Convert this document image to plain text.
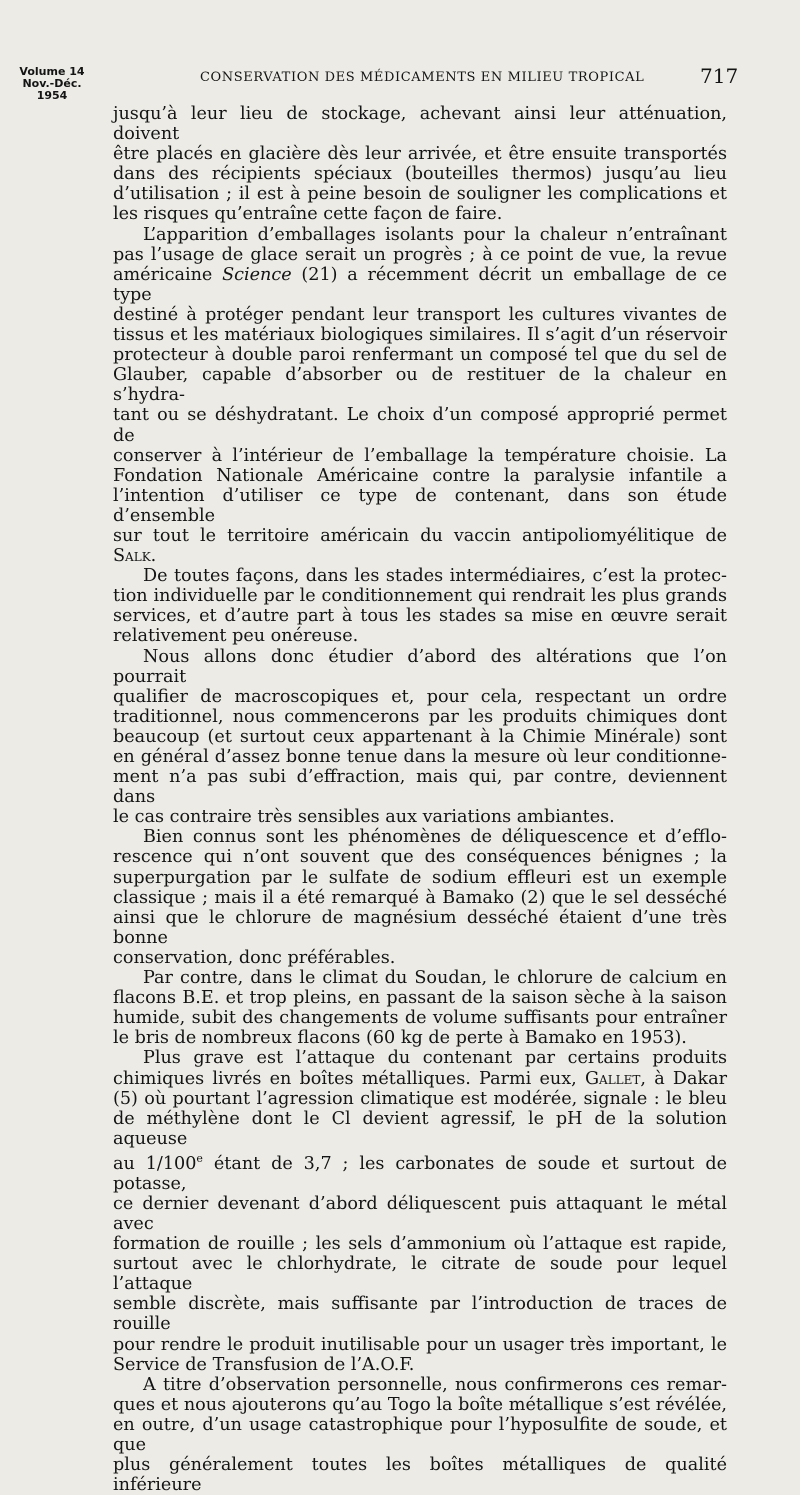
Volume 14
Nov.-Déc. 1954
CONSERVATION DES MÉDICAMENTS EN MILIEU TROPICAL	717

jusqu’à leur lieu de stockage, achevant ainsi leur atténuation, doivent

être placés en glacière dès leur arrivée, et être ensuite transportés

dans des récipients spéciaux (bouteilles thermos) jusqu’au lieu

d’utilisation ; il est à peine besoin de souligner les complications et

les risques qu’entraîne cette façon de faire.

L’apparition d’emballages isolants pour la chaleur n’entraînant

pas l’usage de glace serait un progrès ; à ce point de vue, la revue

américaine Science (21) a récemment décrit un emballage de ce type

destiné à protéger pendant leur transport les cultures vivantes de

tissus et les matériaux biologiques similaires. Il s’agit d’un réservoir

protecteur à double paroi renfermant un composé tel que du sel de

Glauber, capable d’absorber ou de restituer de la chaleur en s’hydra-

tant ou se déshydratant. Le choix d’un composé approprié permet de

conserver à l’intérieur de l’emballage la température choisie. La

Fondation Nationale Américaine contre la paralysie infantile a

l’intention d’utiliser ce type de contenant, dans son étude d’ensemble

sur tout le territoire américain du vaccin antipoliomyélitique de Salk.

De toutes façons, dans les stades intermédiaires, c’est la protec-

tion individuelle par le conditionnement qui rendrait les plus grands

services, et d’autre part à tous les stades sa mise en œuvre serait

relativement peu onéreuse.

Nous allons donc étudier d’abord des altérations que l’on pourrait

qualifier de macroscopiques et, pour cela, respectant un ordre

traditionnel, nous commencerons par les produits chimiques dont

beaucoup (et surtout ceux appartenant à la Chimie Minérale) sont

en général d’assez bonne tenue dans la mesure où leur conditionne-

ment n’a pas subi d’effraction, mais qui, par contre, deviennent dans

le cas contraire très sensibles aux variations ambiantes.

Bien connus sont les phénomènes de déliquescence et d’efflo-

rescence qui n’ont souvent que des conséquences bénignes ; la

superpurgation par le sulfate de sodium effleuri est un exemple

classique ; mais il a été remarqué à Bamako (2) que le sel desséché

ainsi que le chlorure de magnésium desséché étaient d’une très bonne

conservation, donc préférables.

Par contre, dans le climat du Soudan, le chlorure de calcium en

flacons B.E. et trop pleins, en passant de la saison sèche à la saison

humide, subit des changements de volume suffisants pour entraîner

le bris de nombreux flacons (60 kg de perte à Bamako en 1953).

Plus grave est l’attaque du contenant par certains produits

chimiques livrés en boîtes métalliques. Parmi eux, Gallet, à Dakar

(5) où pourtant l’agression climatique est modérée, signale : le bleu

de méthylène dont le Cl devient agressif, le pH de la solution aqueuse

au 1/100e étant de 3,7 ; les carbonates de soude et surtout de potasse,

ce dernier devenant d’abord déliquescent puis attaquant le métal avec

formation de rouille ; les sels d’ammonium où l’attaque est rapide,

surtout avec le chlorhydrate, le citrate de soude pour lequel l’attaque

semble discrète, mais suffisante par l’introduction de traces de rouille

pour rendre le produit inutilisable pour un usager très important, le

Service de Transfusion de l’A.O.F.

A titre d’observation personnelle, nous confirmerons ces remar-

ques et nous ajouterons qu’au Togo la boîte métallique s’est révélée,

en outre, d’un usage catastrophique pour l’hyposulfite de soude, et que

plus généralement toutes les boîtes métalliques de qualité inférieure
